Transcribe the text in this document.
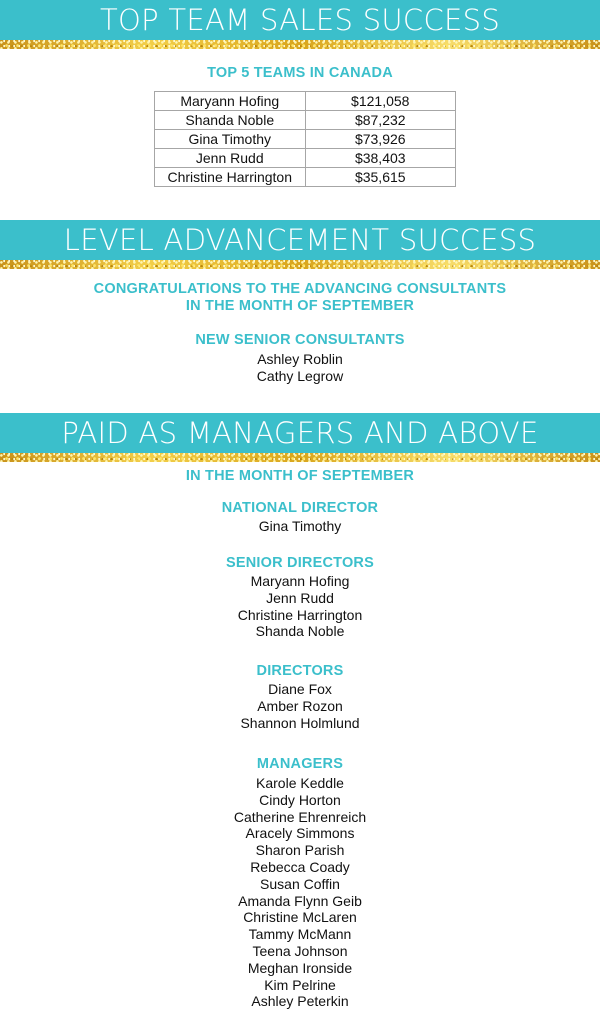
TOP TEAM SALES SUCCESS
TOP 5 TEAMS IN CANADA
Maryann Hofing	$121,058
Shanda Noble	$87,232
Gina Timothy	$73,926
Jenn Rudd	$38,403
Christine Harrington	$35,615
LEVEL ADVANCEMENT SUCCESS
CONGRATULATIONS TO THE ADVANCING CONSULTANTS
IN THE MONTH OF SEPTEMBER
NEW SENIOR CONSULTANTS
Ashley Roblin
Cathy Legrow
PAID AS MANAGERS AND ABOVE
IN THE MONTH OF SEPTEMBER
NATIONAL DIRECTOR
Gina Timothy
SENIOR DIRECTORS
Maryann Hofing
Jenn Rudd
Christine Harrington
Shanda Noble
DIRECTORS
Diane Fox
Amber Rozon
Shannon Holmlund
MANAGERS
Karole Keddle
Cindy Horton
Catherine Ehrenreich
Aracely Simmons
Sharon Parish
Rebecca Coady
Susan Coffin
Amanda Flynn Geib
Christine McLaren
Tammy McMann
Teena Johnson
Meghan Ironside
Kim Pelrine
Ashley Peterkin
